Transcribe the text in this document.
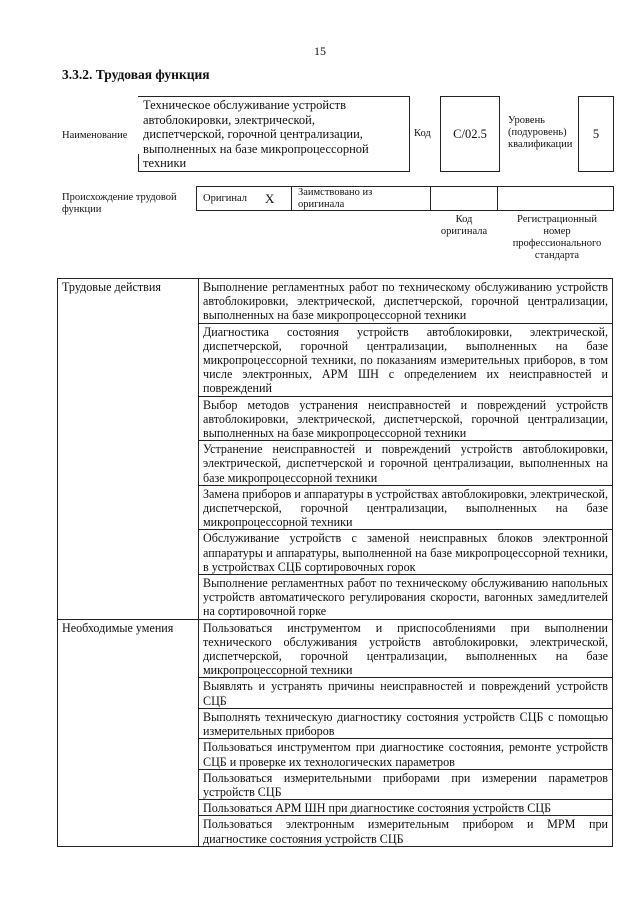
15
3.3.2. Трудовая функция
Наименование
Техническое обслуживание устройств
автоблокировки, электрической,
диспетчерской, горочной централизации,
выполненных на базе микропроцессорной
техники
Код	С/02.5
Уровень
(подуровень)
квалификации
5
Происхождение трудовой
функции
Оригинал X Заимствовано из
оригинала
Код
оригинала
Регистрационный
номер
профессионального
стандарта
Трудовые действия	Выполнение регламентных работ по техническому обслуживанию устройств автоблокировки, электрической, диспетчерской, горочной централизации, выполненных на базе микропроцессорной техники
	Диагностика состояния устройств автоблокировки, электрической, диспетчерской, горочной централизации, выполненных на базе микропроцессорной техники, по показаниям измерительных приборов, в том числе электронных, АРМ ШН с определением их неисправностей и повреждений
	Выбор методов устранения неисправностей и повреждений устройств автоблокировки, электрической, диспетчерской, горочной централизации, выполненных на базе микропроцессорной техники
	Устранение неисправностей и повреждений устройств автоблокировки, электрической, диспетчерской и горочной централизации, выполненных на базе микропроцессорной техники
	Замена приборов и аппаратуры в устройствах автоблокировки, электрической, диспетчерской, горочной централизации, выполненных на базе микропроцессорной техники
	Обслуживание устройств с заменой неисправных блоков электронной аппаратуры и аппаратуры, выполненной на базе микропроцессорной техники, в устройствах СЦБ сортировочных горок
	Выполнение регламентных работ по техническому обслуживанию напольных устройств автоматического регулирования скорости, вагонных замедлителей на сортировочной горке
Необходимые умения	Пользоваться инструментом и приспособлениями при выполнении технического обслуживания устройств автоблокировки, электрической, диспетчерской, горочной централизации, выполненных на базе микропроцессорной техники
	Выявлять и устранять причины неисправностей и повреждений устройств СЦБ
	Выполнять техническую диагностику состояния устройств СЦБ с помощью измерительных приборов
	Пользоваться инструментом при диагностике состояния, ремонте устройств СЦБ и проверке их технологических параметров
	Пользоваться измерительными приборами при измерении параметров устройств СЦБ
	Пользоваться АРМ ШН при диагностике состояния устройств СЦБ
	Пользоваться электронным измерительным прибором и МРМ при диагностике состояния устройств СЦБ
